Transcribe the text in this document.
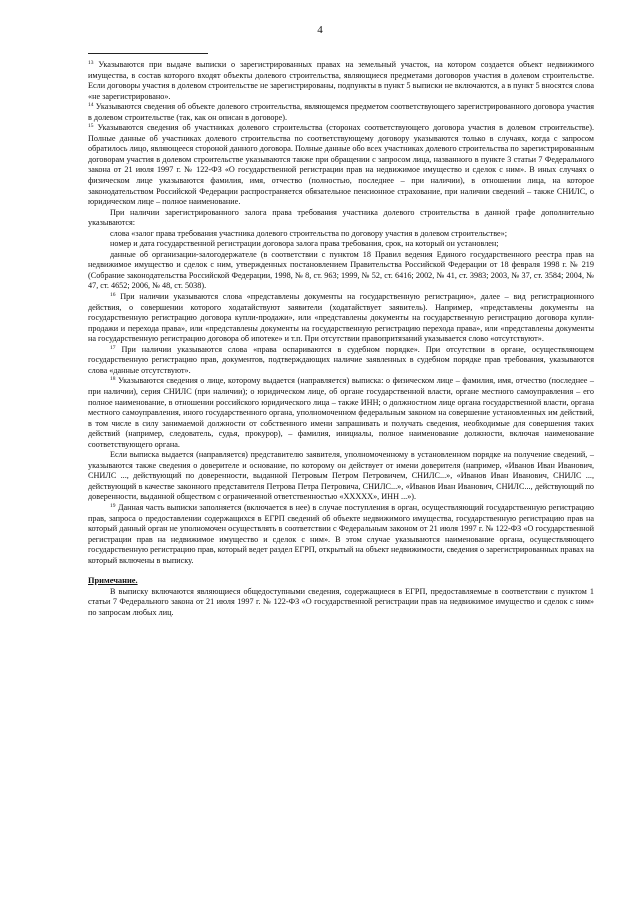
4

$^{13}$ Указываются при выдаче выписки о зарегистрированных правах на земельный участок, на котором создается объект недвижимого имущества, в состав которого входят объекты долевого строительства, являющиеся предметами договоров участия в долевом строительстве. Если договоры участия в долевом строительстве не зарегистрированы, подпункты в пункт 5 выписки не включаются, а в пункт 5 вносятся слова «не зарегистрировано».

$^{14}$ Указываются сведения об объекте долевого строительства, являющемся предметом соответствующего зарегистрированного договора участия в долевом строительстве (так, как он описан в договоре).

$^{15}$ Указываются сведения об участниках долевого строительства (сторонах соответствующего договора участия в долевом строительстве). Полные данные об участниках долевого строительства по соответствующему договору указываются только в случаях, когда с запросом обратилось лицо, являющееся стороной данного договора. Полные данные обо всех участниках долевого строительства по зарегистрированным договорам участия в долевом строительстве указываются также при обращении с запросом лица, названного в пункте 3 статьи 7 Федерального закона от 21 июля 1997 г. № 122-ФЗ «О государственной регистрации прав на недвижимое имущество и сделок с ним». В иных случаях о физическом лице указываются фамилия, имя, отчество (полностью, последнее – при наличии), в отношении лица, на которое законодательством Российской Федерации распространяется обязательное пенсионное страхование, при наличии сведений – также СНИЛС, о юридическом лице – полное наименование.

При наличии зарегистрированного залога права требования участника долевого строительства в данной графе дополнительно указываются:

слова «залог права требования участника долевого строительства по договору участия в долевом строительстве»;

номер и дата государственной регистрации договора залога права требования, срок, на который он установлен;

данные об организации-залогодержателе (в соответствии с пунктом 18 Правил ведения Единого государственного реестра прав на недвижимое имущество и сделок с ним, утвержденных постановлением Правительства Российской Федерации от 18 февраля 1998 г. № 219 (Собрание законодательства Российской Федерации, 1998, № 8, ст. 963; 1999, № 52, ст. 6416; 2002, № 41, ст. 3983; 2003, № 37, ст. 3584; 2004, № 47, ст. 4652; 2006, № 48, ст. 5038).

$^{16}$ При наличии указываются слова «представлены документы на государственную регистрацию», далее – вид регистрационного действия, о совершении которого ходатайствуют заявители (ходатайствует заявитель). Например, «представлены документы на государственную регистрацию договора купли-продажи», или «представлены документы на государственную регистрацию договора купли-продажи и перехода права», или «представлены документы на государственную регистрацию перехода права», или «представлены документы на государственную регистрацию договора об ипотеке» и т.п. При отсутствии правопритязаний указывается слово «отсутствуют».

$^{17}$ При наличии указываются слова «права оспариваются в судебном порядке». При отсутствии в органе, осуществляющем государственную регистрацию прав, документов, подтверждающих наличие заявленных в судебном порядке прав требования, указываются слова «данные отсутствуют».

$^{18}$ Указываются сведения о лице, которому выдается (направляется) выписка: о физическом лице – фамилия, имя, отчество (последнее – при наличии), серия СНИЛС (при наличии); о юридическом лице, об органе государственной власти, органе местного самоуправления – его полное наименование, в отношении российского юридического лица – также ИНН; о должностном лице органа государственной власти, органа местного самоуправления, иного государственного органа, уполномоченном федеральным законом на совершение установленных им действий, в том числе в силу занимаемой должности от собственного имени запрашивать и получать сведения, необходимые для совершения таких действий (например, следователь, судья, прокурор), – фамилия, инициалы, полное наименование должности, включая наименование соответствующего органа.

Если выписка выдается (направляется) представителю заявителя, уполномоченному в установленном порядке на получение сведений, – указываются также сведения о доверителе и основание, по которому он действует от имени доверителя (например, «Иванов Иван Иванович, СНИЛС ..., действующий по доверенности, выданной Петровым Петром Петровичем, СНИЛС...», «Иванов Иван Иванович, СНИЛС ..., действующий в качестве законного представителя Петрова Петра Петровича, СНИЛС...», «Иванов Иван Иванович, СНИЛС..., действующий по доверенности, выданной обществом с ограниченной ответственностью «XXXXX», ИНН ...»).

$^{19}$ Данная часть выписки заполняется (включается в нее) в случае поступления в орган, осуществляющий государственную регистрацию прав, запроса о предоставлении содержащихся в ЕГРП сведений об объекте недвижимого имущества, государственную регистрацию прав на который данный орган не уполномочен осуществлять в соответствии с Федеральным законом от 21 июля 1997 г. № 122-ФЗ «О государственной регистрации прав на недвижимое имущество и сделок с ним». В этом случае указываются наименование органа, осуществляющего государственную регистрацию прав, который ведет раздел ЕГРП, открытый на объект недвижимости, сведения о зарегистрированных правах на который включены в выписку.

Примечание.

В выписку включаются являющиеся общедоступными сведения, содержащиеся в ЕГРП, предоставляемые в соответствии с пунктом 1 статьи 7 Федерального закона от 21 июля 1997 г. № 122-ФЗ «О государственной регистрации прав на недвижимое имущество и сделок с ним» по запросам любых лиц.
